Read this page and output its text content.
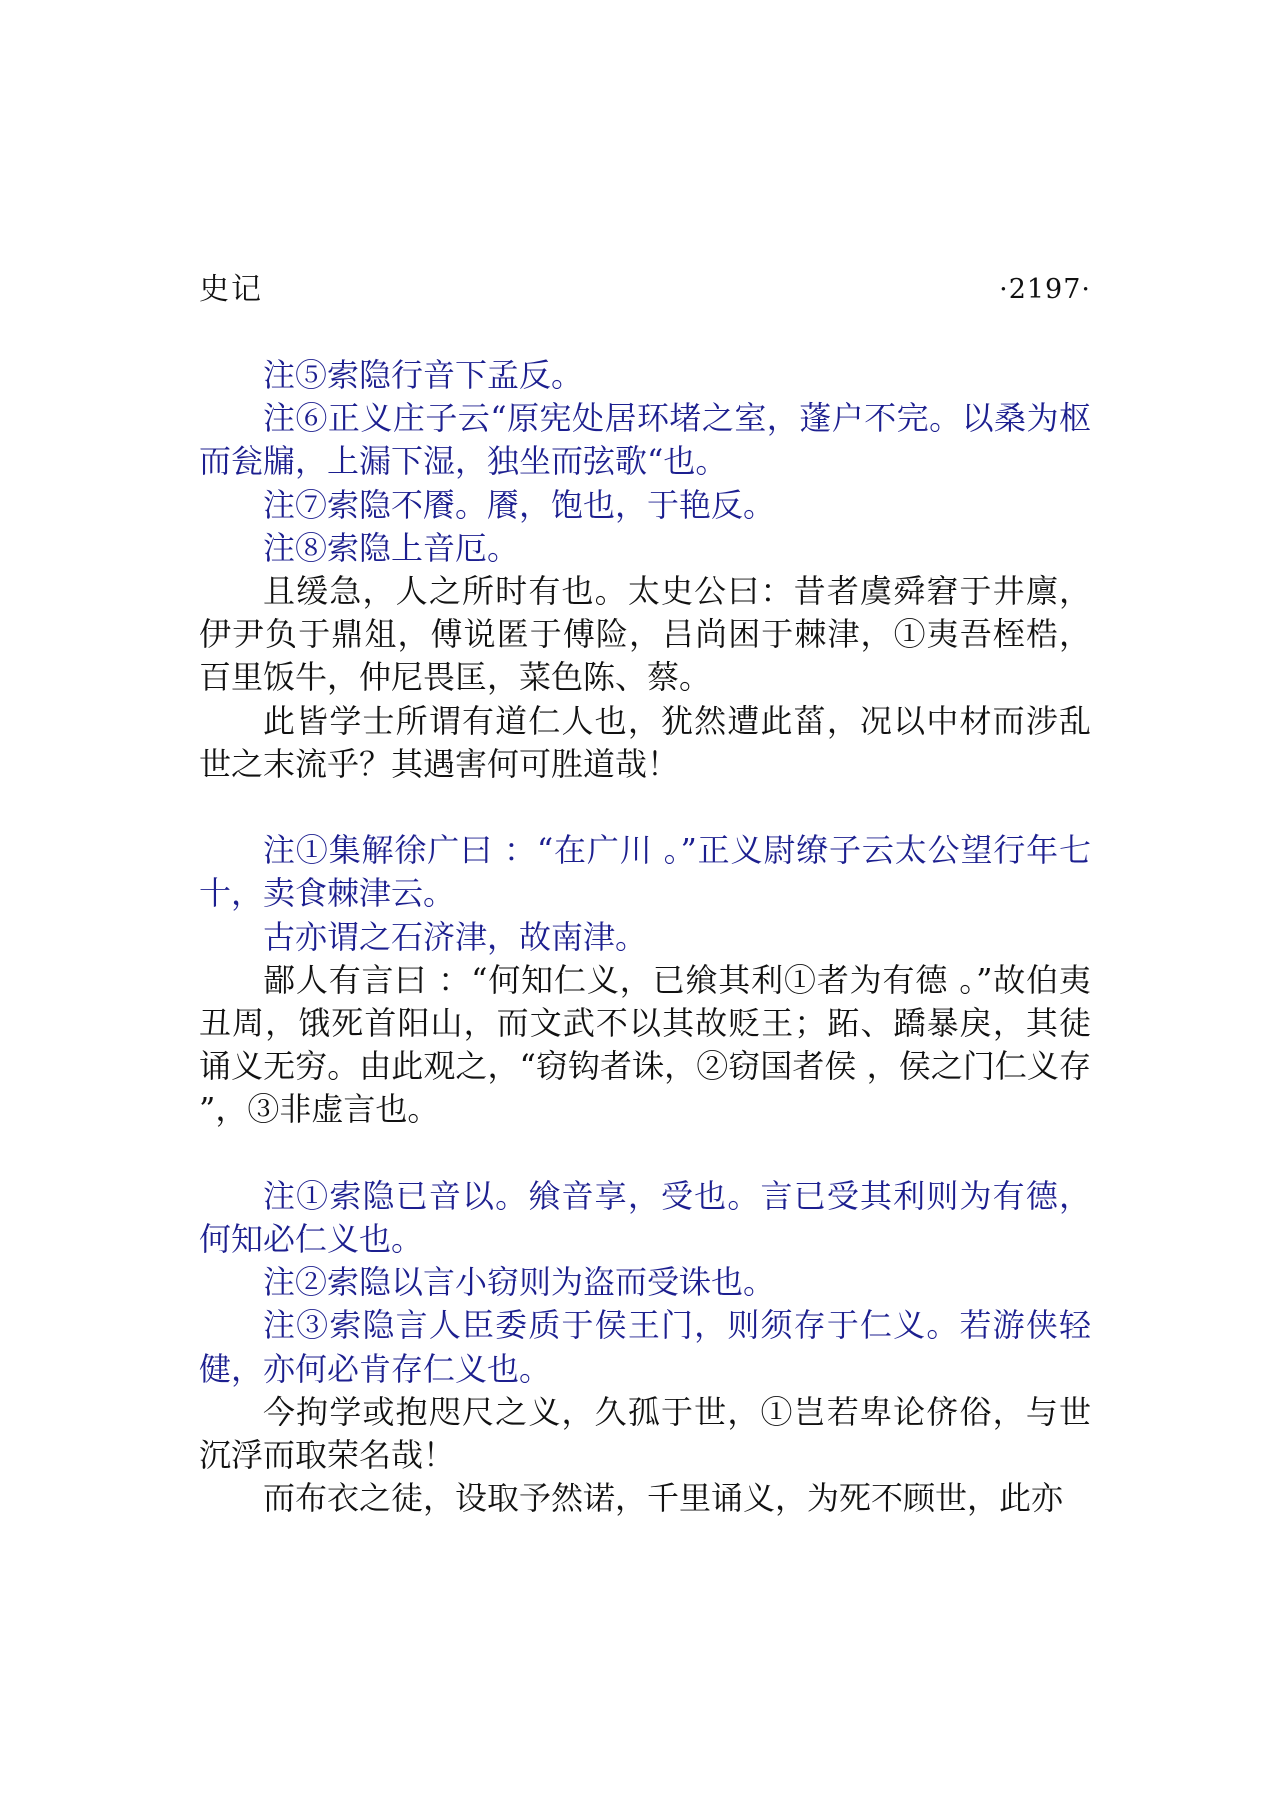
史记	·2197·

注⑤索隐行音下孟反。

注⑥正义庄子云“原宪处居环堵之室，蓬户不完。以桑为枢而瓮牖，上漏下湿，独坐而弦歌“也。

注⑦索隐不餍。餍，饱也，于艳反。

注⑧索隐上音厄。

且缓急，人之所时有也。太史公曰：昔者虞舜窘于井廪，伊尹负于鼎俎，傅说匿于傅险，吕尚困于棘津，①夷吾桎梏，百里饭牛，仲尼畏匡，菜色陈、蔡。

此皆学士所谓有道仁人也，犹然遭此菑，况以中材而涉乱世之末流乎？其遇害何可胜道哉！

注①集解徐广曰 ：“在广川 。”正义尉缭子云太公望行年七十，卖食棘津云。

古亦谓之石济津，故南津。

鄙人有言曰 ：“何知仁义，已飨其利①者为有德 。”故伯夷丑周，饿死首阳山，而文武不以其故贬王；跖、蹻暴戾，其徒诵义无穷。由此观之，“窃钩者诛，②窃国者侯 ，侯之门仁义存 ”，③非虚言也。

注①索隐已音以。飨音享，受也。言已受其利则为有德，何知必仁义也。

注②索隐以言小窃则为盗而受诛也。

注③索隐言人臣委质于侯王门，则须存于仁义。若游侠轻健，亦何必肯存仁义也。

今拘学或抱咫尺之义，久孤于世，①岂若卑论侪俗，与世沉浮而取荣名哉！

而布衣之徒，设取予然诺，千里诵义，为死不顾世，此亦
